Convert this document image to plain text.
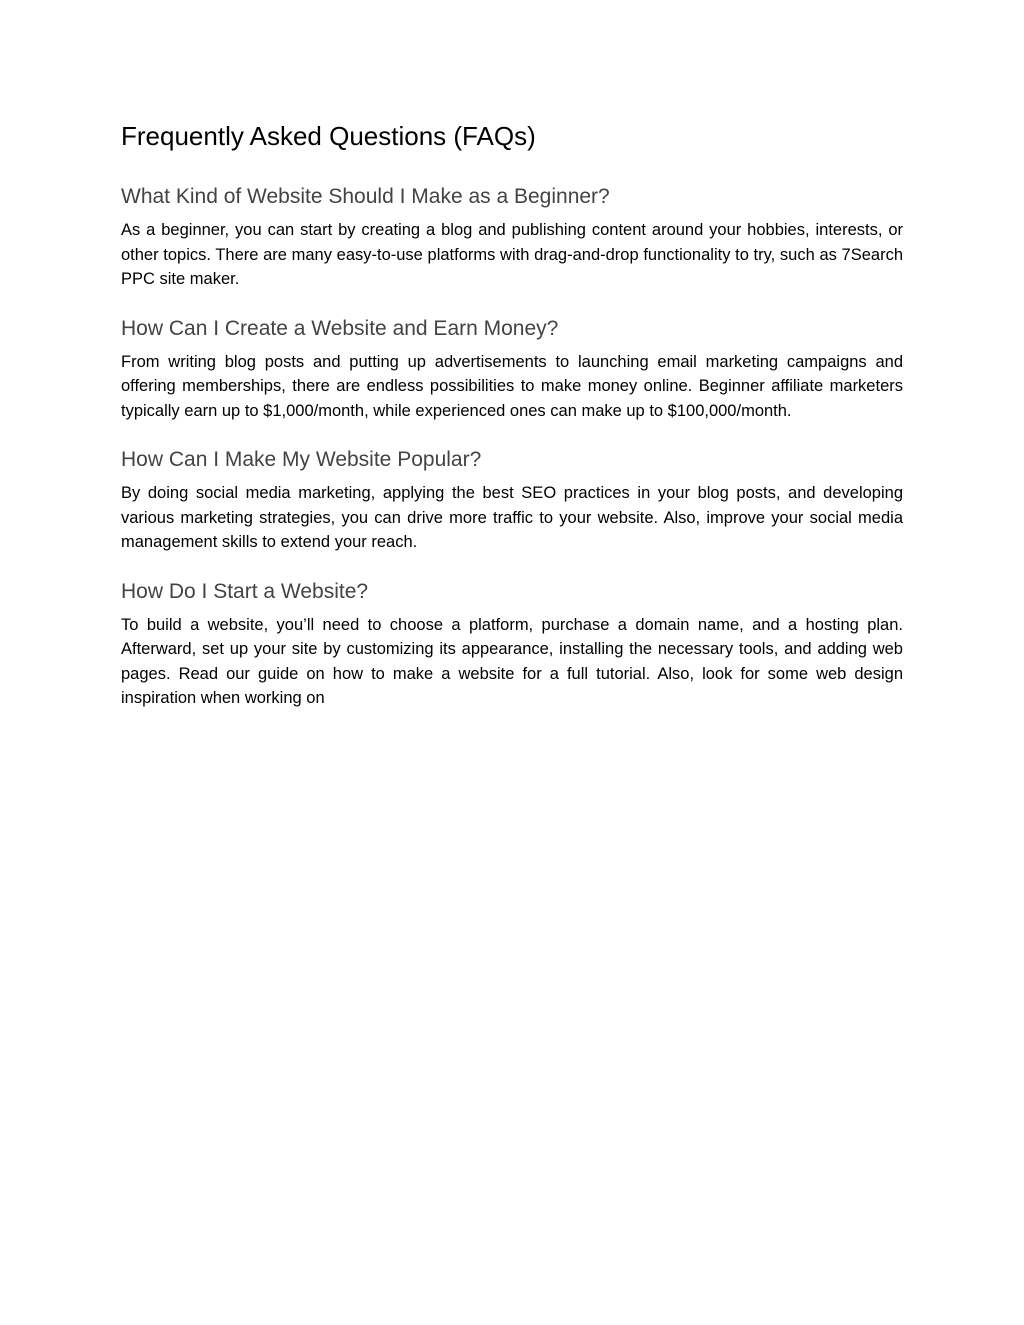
Frequently Asked Questions (FAQs)
What Kind of Website Should I Make as a Beginner?

As a beginner, you can start by creating a blog and publishing content around your hobbies, interests, or other topics. There are many easy-to-use platforms with drag-and-drop functionality to try, such as 7Search PPC site maker.

How Can I Create a Website and Earn Money?

From writing blog posts and putting up advertisements to launching email marketing campaigns and offering memberships, there are endless possibilities to make money online. Beginner affiliate marketers typically earn up to $1,000/month, while experienced ones can make up to $100,000/month.

How Can I Make My Website Popular?

By doing social media marketing, applying the best SEO practices in your blog posts, and developing various marketing strategies, you can drive more traffic to your website. Also, improve your social media management skills to extend your reach.

How Do I Start a Website?

To build a website, you’ll need to choose a platform, purchase a domain name, and a hosting plan. Afterward, set up your site by customizing its appearance, installing the necessary tools, and adding web pages. Read our guide on how to make a website for a full tutorial. Also, look for some web design inspiration when working on
